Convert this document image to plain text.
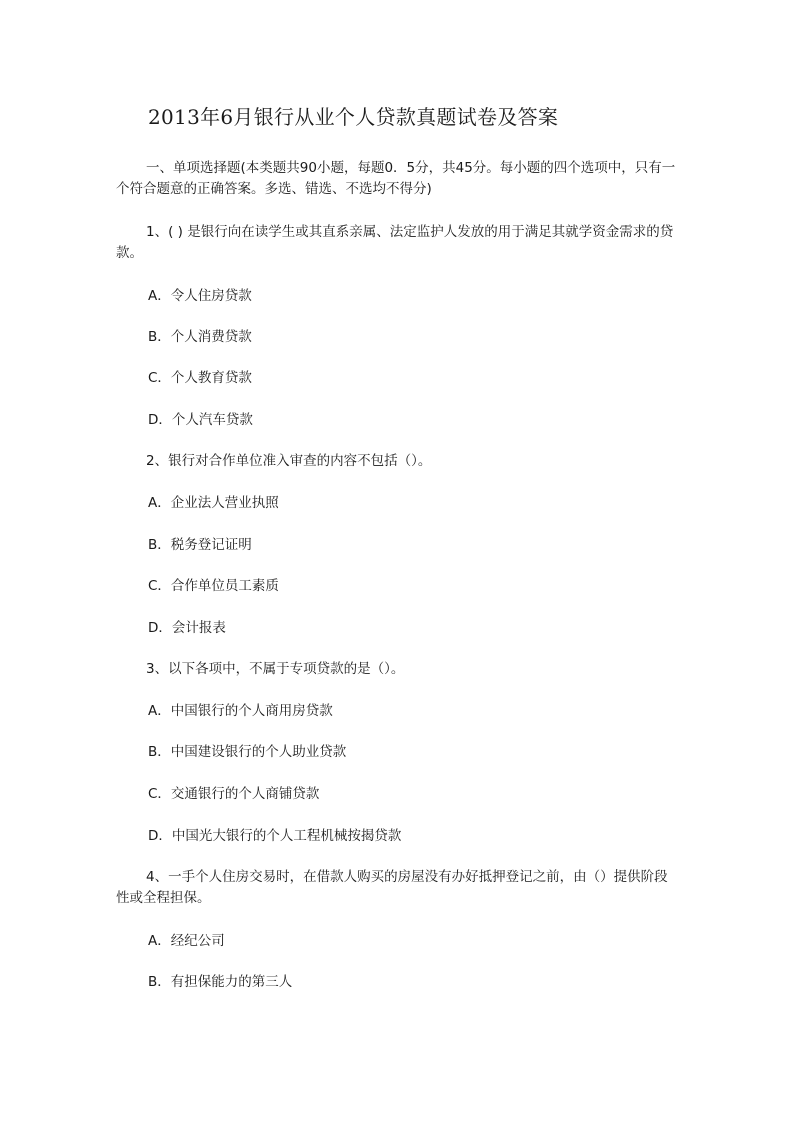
2013年6月银行从业个人贷款真题试卷及答案

一、单项选择题(本类题共90小题，每题0．5分，共45分。每小题的四个选项中，只有一个符合题意的正确答案。多选、错选、不选均不得分)

1、( ) 是银行向在读学生或其直系亲属、法定监护人发放的用于满足其就学资金需求的贷款。

A．令人住房贷款

B．个人消费贷款

C．个人教育贷款

D．个人汽车贷款

2、银行对合作单位准入审查的内容不包括（）。

A．企业法人营业执照

B．税务登记证明

C．合作单位员工素质

D．会计报表

3、以下各项中，不属于专项贷款的是（）。

A．中国银行的个人商用房贷款

B．中国建设银行的个人助业贷款

C．交通银行的个人商铺贷款

D．中国光大银行的个人工程机械按揭贷款

4、一手个人住房交易时，在借款人购买的房屋没有办好抵押登记之前，由（）提供阶段性或全程担保。

A．经纪公司

B．有担保能力的第三人
